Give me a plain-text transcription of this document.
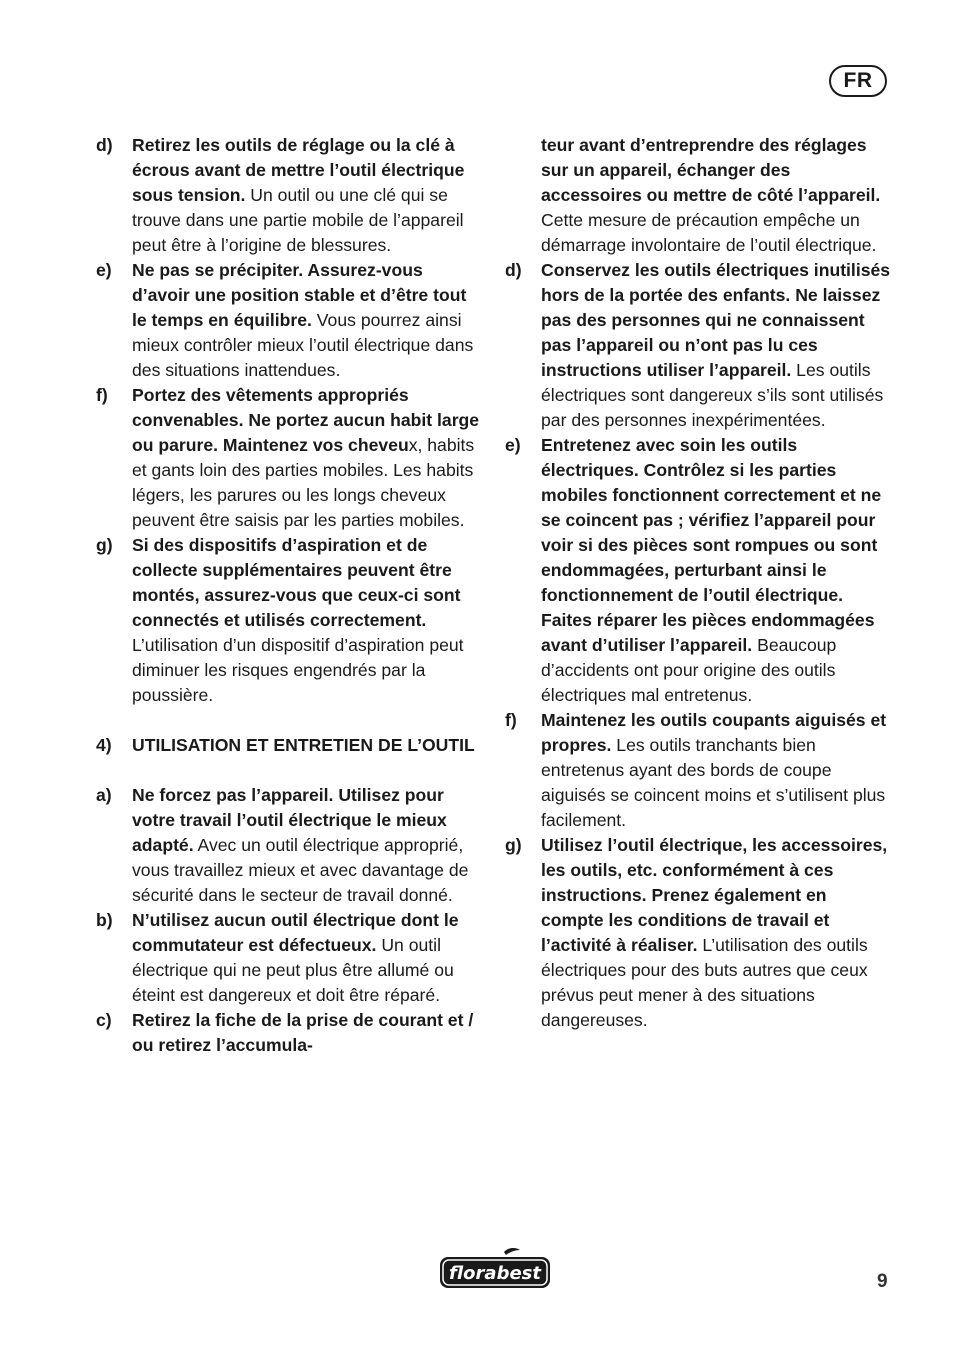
FR
d)	Retirez les outils de réglage ou la clé à écrous avant de mettre l’outil électrique sous tension. Un outil ou une clé qui se trouve dans une partie mobile de l’appareil peut être à l’origine de blessures.
e)	Ne pas se précipiter. Assurez-vous d’avoir une position stable et d’être tout le temps en équilibre. Vous pourrez ainsi mieux contrôler mieux l’outil électrique dans des situations inattendues.
f)	Portez des vêtements appropriés convenables. Ne portez aucun habit large ou parure. Maintenez vos cheveux, habits et gants loin des parties mobiles. Les habits légers, les parures ou les longs cheveux peuvent être saisis par les parties mobiles.
g)	Si des dispositifs d’aspiration et de collecte supplémentaires peuvent être montés, assurez-vous que ceux-ci sont connectés et utilisés correctement. L’utilisation d’un dispositif d’aspiration peut diminuer les risques engendrés par la poussière.
4)	UTILISATION ET ENTRETIEN DE L’OUTIL
a)	Ne forcez pas l’appareil. Utilisez pour votre travail l’outil électrique le mieux adapté. Avec un outil électrique approprié, vous travaillez mieux et avec davantage de sécurité dans le secteur de travail donné.
b)	N’utilisez aucun outil électrique dont le commutateur est défectueux. Un outil électrique qui ne peut plus être allumé ou éteint est dangereux et doit être réparé.
c)	Retirez la fiche de la prise de courant et / ou retirez l’accumula-
teur avant d’entreprendre des réglages sur un appareil, échanger des accessoires ou mettre de côté l’appareil. Cette mesure de précaution empêche un démarrage involontaire de l’outil électrique.
d)	Conservez les outils électriques inutilisés hors de la portée des enfants. Ne laissez pas des personnes qui ne connaissent pas l’appareil ou n’ont pas lu ces instructions utiliser l’appareil. Les outils électriques sont dangereux s’ils sont utilisés par des personnes inexpérimentées.
e)	Entretenez avec soin les outils électriques. Contrôlez si les parties mobiles fonctionnent correctement et ne se coincent pas ; vérifiez l’appareil pour voir si des pièces sont rompues ou sont endommagées, perturbant ainsi le fonctionnement de l’outil électrique. Faites réparer les pièces endommagées avant d’utiliser l’appareil. Beaucoup d’accidents ont pour origine des outils électriques mal entretenus.
f)	Maintenez les outils coupants aiguisés et propres. Les outils tranchants bien entretenus ayant des bords de coupe aiguisés se coincent moins et s’utilisent plus facilement.
g)	Utilisez l’outil électrique, les accessoires, les outils, etc. conformément à ces instructions. Prenez également en compte les conditions de travail et l’activité à réaliser. L’utilisation des outils électriques pour des buts autres que ceux prévus peut mener à des situations dangereuses.
florabest	9
